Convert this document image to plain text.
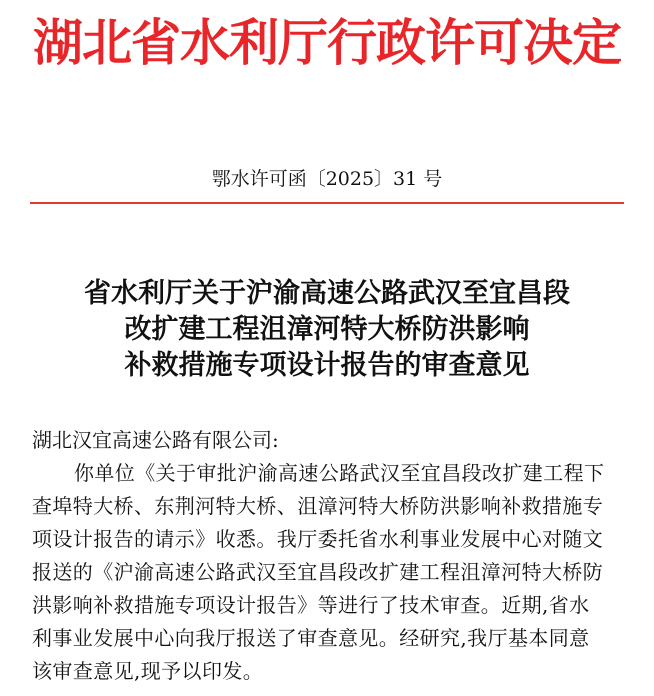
湖北省水利厅行政许可决定
鄂水许可函〔2025〕31 号
省水利厅关于沪渝高速公路武汉至宜昌段
改扩建工程沮漳河特大桥防洪影响
补救措施专项设计报告的审查意见
湖北汉宜高速公路有限公司:
你单位《关于审批沪渝高速公路武汉至宜昌段改扩建工程下
查埠特大桥、东荆河特大桥、沮漳河特大桥防洪影响补救措施专
项设计报告的请示》收悉。我厅委托省水利事业发展中心对随文
报送的《沪渝高速公路武汉至宜昌段改扩建工程沮漳河特大桥防
洪影响补救措施专项设计报告》等进行了技术审查。近期,省水
利事业发展中心向我厅报送了审查意见。经研究,我厅基本同意
该审查意见,现予以印发。
